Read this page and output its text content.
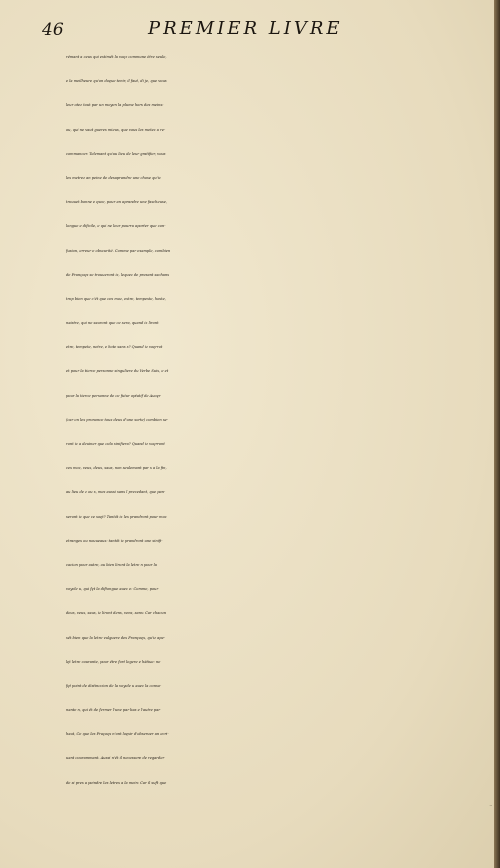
46	PREMIER LIVRE
rémant a ceus qui estimét la voęz commune étre seule,
e la meilheure qu'on doęue tenir, il faut, di je, que vous
leur otez tout par un moyen la plume hors des meins:
ou, qui ne vaut gueres mieus, que vous les metez a re-
commancer. Telemant qu'au lieu de leur gratifier, vous
les metrez an peine de desaprandre une chose qu'iz
trouuet bonne e ęsee, pour an aprandre une fascheuse,
longue e dificile, e qui ne leur pourra aporter que con-
fusion, erreur e obscurité. Comme par example, combien
de Françoęs se trouueront iz, lequez de presant sachans
trop bien que c'ét que ces moz, estre, tempeste, hoste,
naistre, qui ne sauront que ce sera, quand iz liront
etre, tempete, netre, e hote sans s? Quand iz voęrrot
et pour la tierce personne singuliere du Verbe Suis, e et
pour la tierce personne de ce futur optatif de Auoęr
(car on les prononce tous deus d'une sorte) combien se-
ront iz a deuiner que cela sinifiera? Quand iz voęrront
ces moz, veus, deus, saus, non seulemant par s a la fin,
au lieu de z ou x, mes aussi sans l precedant, que pan-
seront iz que ce soęt? Tantót iz les prandront pour moz
etranges ou nouueaus: tantót iz prandront une sinifi-
cacion pour autre, ou bien liront la letre n pour la
voyele u, qui fęt la diftongue auec e: Comme, pour
deus, veus, saus, iz liront dens, vens, sans: Car chacun
sét bien que la letre vulguere des Françoęs, qu'iz ape-
lęt letre courante, pour étre fort legere e hátiue: ne
fęt point de distinccion de la voyele u auec la conso-
nante n, qui ét de fermer l'une par bas e l'autre par
haut, Ce que les Fraçoęs n'ont loęsir d'obseruer an ecri-
uant courammant. Aussi n'ét il necessere de regarder
de si pres a peindre les letres a la mein: Car il suft que
nous
